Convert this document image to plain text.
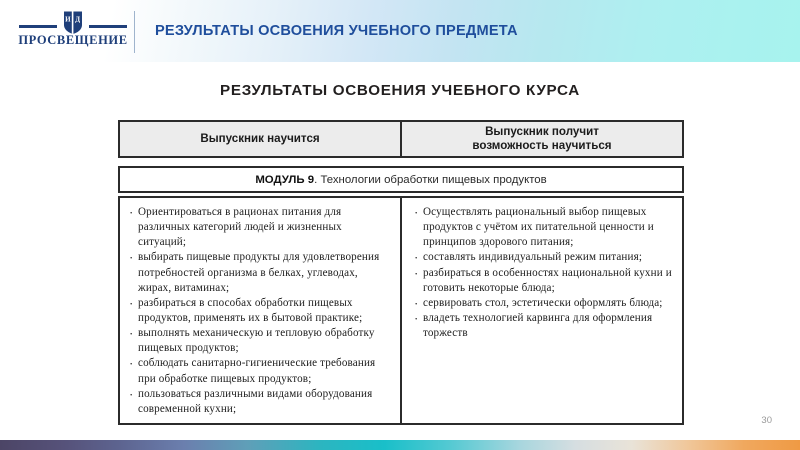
И Д
ПРОСВЕЩЕНИЕ
РЕЗУЛЬТАТЫ ОСВОЕНИЯ УЧЕБНОГО ПРЕДМЕТА
РЕЗУЛЬТАТЫ ОСВОЕНИЯ УЧЕБНОГО КУРСА
Выпускник научится
Выпускник получит
возможность научиться
МОДУЛЬ 9. Технологии обработки пищевых продуктов
· Ориентироваться в рационах питания для различных категорий людей и жизненных ситуаций;
· выбирать пищевые продукты для удовлетворения потребностей организма в белках, углеводах, жирах, витаминах;
· разбираться в способах обработки пищевых продуктов, применять их в бытовой практике;
· выполнять механическую и тепловую обработку пищевых продуктов;
· соблюдать санитарно-гигиенические требования при обработке пищевых продуктов;
· пользоваться различными видами оборудования современной кухни;
· Осуществлять рациональный выбор пищевых продуктов с учётом их питательной ценности и принципов здорового питания;
· составлять индивидуальный режим питания;
· разбираться в особенностях национальной кухни и готовить некоторые блюда;
· сервировать стол, эстетически оформлять блюда;
· владеть технологией карвинга для оформления торжеств
30
